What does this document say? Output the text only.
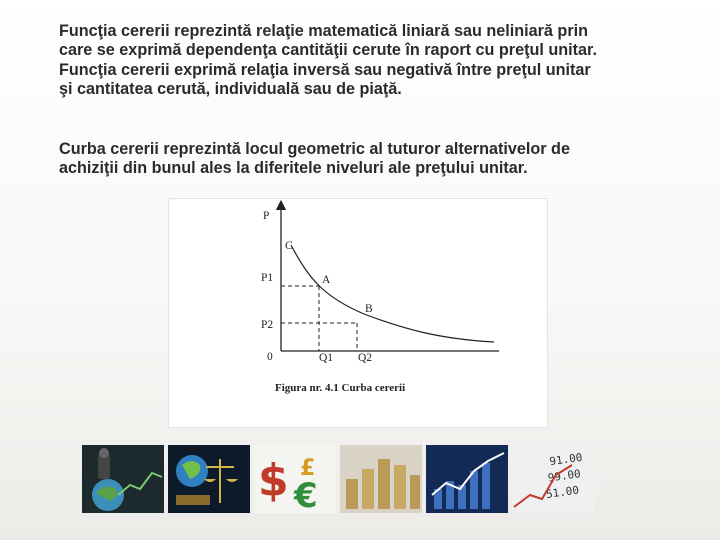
Funcţia cererii reprezintă relaţie matematică liniară sau neliniară prin
care se exprimă dependenţa cantităţii cerute în raport cu preţul unitar.
Funcţia cererii exprimă relaţia inversă sau negativă între preţul unitar
şi cantitatea cerută, individuală sau de piaţă.
Curba cererii reprezintă locul geometric al tuturor alternativelor de
achiziţii din bunul ales la diferitele niveluri ale preţului unitar.
P
C
P1	A
P2
B
0	Q1 Q2
Figura nr. 4.1 Curba cererii
$ €
£	91.00
99.00
51.00
